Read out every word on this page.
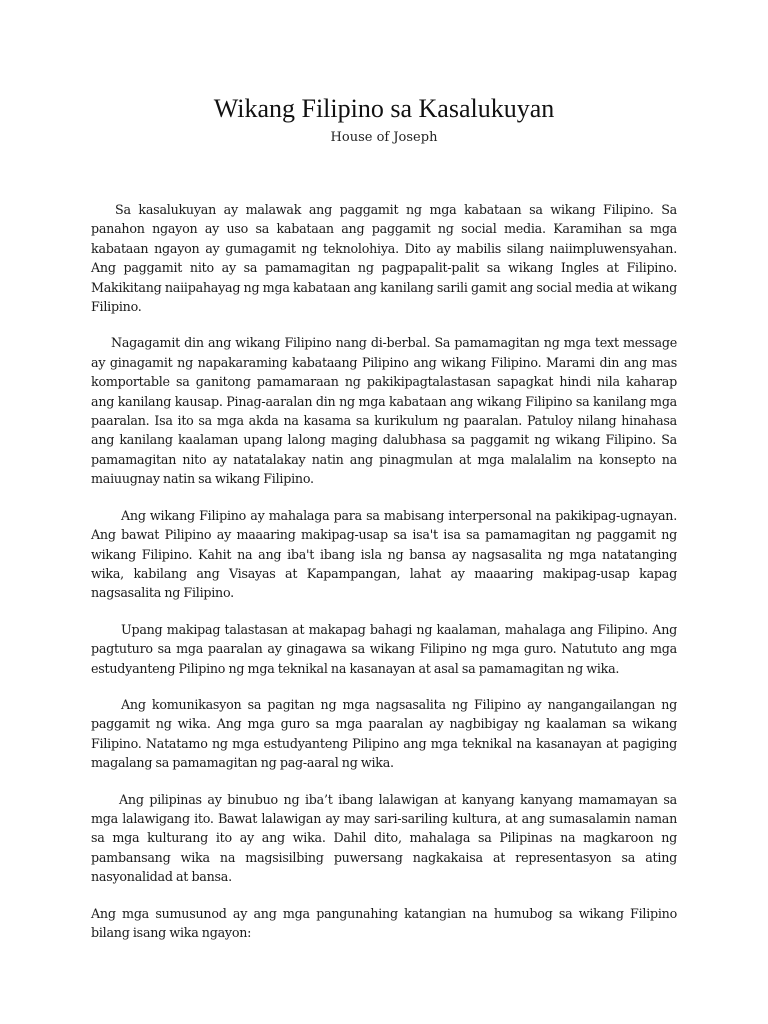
Wikang Filipino sa Kasalukuyan
House of Joseph

Sa kasalukuyan ay malawak ang paggamit ng mga kabataan sa wikang Filipino. Sa panahon ngayon ay uso sa kabataan ang paggamit ng social media. Karamihan sa mga kabataan ngayon ay gumagamit ng teknolohiya. Dito ay mabilis silang naiimpluwensyahan. Ang paggamit nito ay sa pamamagitan ng pagpapalit-palit sa wikang Ingles at Filipino. Makikitang naiipahayag ng mga kabataan ang kanilang sarili gamit ang social media at wikang Filipino.

Nagagamit din ang wikang Filipino nang di-berbal. Sa pamamagitan ng mga text message ay ginagamit ng napakaraming kabataang Pilipino ang wikang Filipino. Marami din ang mas komportable sa ganitong pamamaraan ng pakikipagtalastasan sapagkat hindi nila kaharap ang kanilang kausap. Pinag-aaralan din ng mga kabataan ang wikang Filipino sa kanilang mga paaralan. Isa ito sa mga akda na kasama sa kurikulum ng paaralan. Patuloy nilang hinahasa ang kanilang kaalaman upang lalong maging dalubhasa sa paggamit ng wikang Filipino. Sa pamamagitan nito ay natatalakay natin ang pinagmulan at mga malalalim na konsepto na maiuugnay natin sa wikang Filipino.

Ang wikang Filipino ay mahalaga para sa mabisang interpersonal na pakikipag-ugnayan. Ang bawat Pilipino ay maaaring makipag-usap sa isa't isa sa pamamagitan ng paggamit ng wikang Filipino. Kahit na ang iba't ibang isla ng bansa ay nagsasalita ng mga natatanging wika, kabilang ang Visayas at Kapampangan, lahat ay maaaring makipag-usap kapag nagsasalita ng Filipino.

Upang makipag talastasan at makapag bahagi ng kaalaman, mahalaga ang Filipino. Ang pagtuturo sa mga paaralan ay ginagawa sa wikang Filipino ng mga guro. Natututo ang mga estudyanteng Pilipino ng mga teknikal na kasanayan at asal sa pamamagitan ng wika.

Ang komunikasyon sa pagitan ng mga nagsasalita ng Filipino ay nangangailangan ng paggamit ng wika. Ang mga guro sa mga paaralan ay nagbibigay ng kaalaman sa wikang Filipino. Natatamo ng mga estudyanteng Pilipino ang mga teknikal na kasanayan at pagiging magalang sa pamamagitan ng pag-aaral ng wika.

Ang pilipinas ay binubuo ng iba’t ibang lalawigan at kanyang kanyang mamamayan sa mga lalawigang ito. Bawat lalawigan ay may sari-sariling kultura, at ang sumasalamin naman sa mga kulturang ito ay ang wika. Dahil dito, mahalaga sa Pilipinas na magkaroon ng pambansang wika na magsisilbing puwersang nagkakaisa at representasyon sa ating nasyonalidad at bansa.

Ang mga sumusunod ay ang mga pangunahing katangian na humubog sa wikang Filipino bilang isang wika ngayon:
